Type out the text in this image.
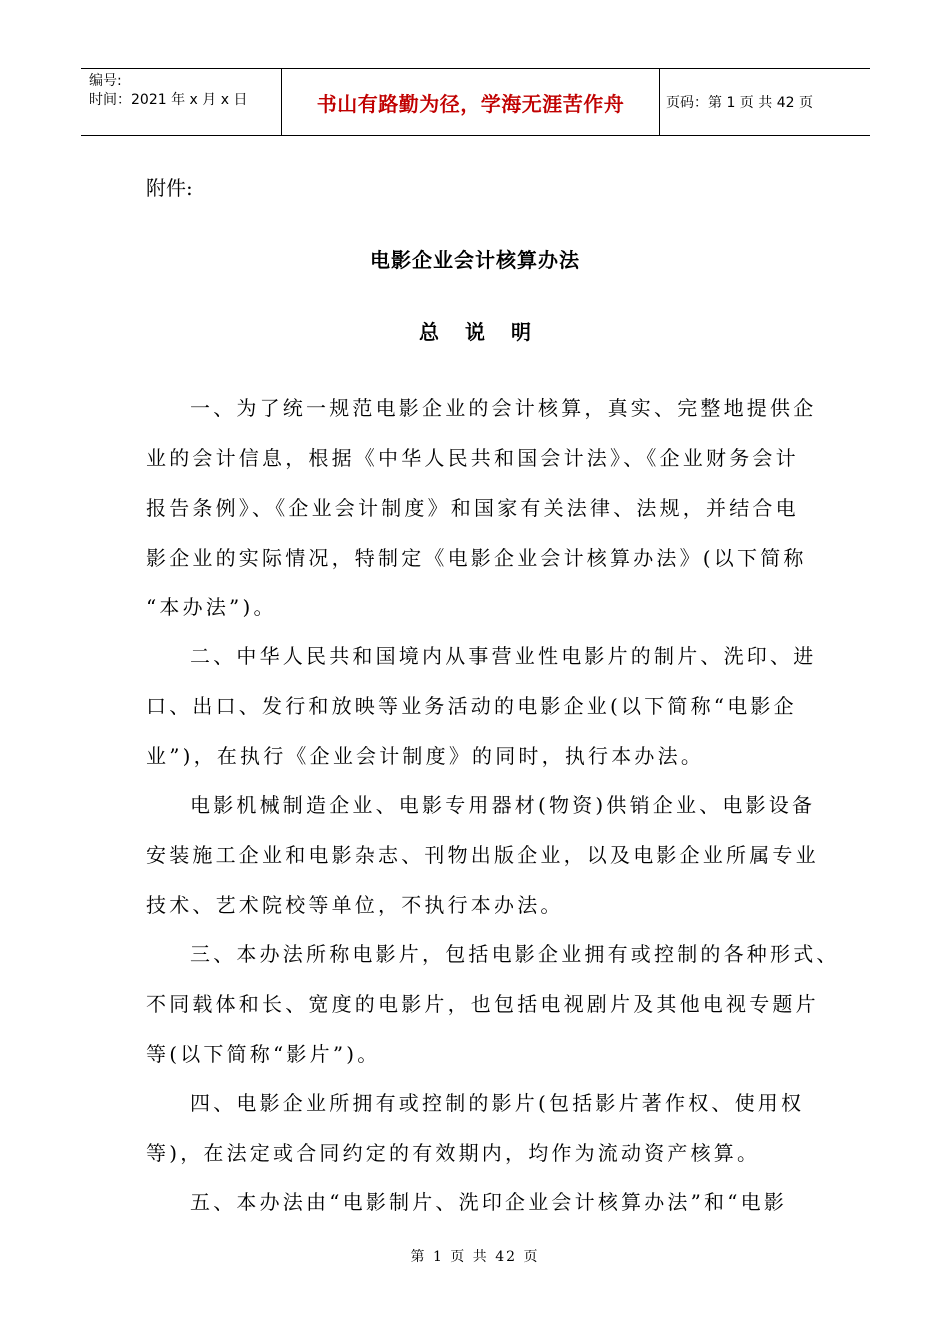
编号:
时间：2021 年 x 月 x 日	书山有路勤为径，学海无涯苦作舟	页码：第 1 页 共 42 页
附件:
电影企业会计核算办法
总说明
一、为了统一规范电影企业的会计核算，真实、完整地提供企
业的会计信息，根据《中华人民共和国会计法》、《企业财务会计
报告条例》、《企业会计制度》和国家有关法律、法规，并结合电
影企业的实际情况，特制定《电影企业会计核算办法》(以下简称
“本办法”)。
二、中华人民共和国境内从事营业性电影片的制片、洗印、进
口、出口、发行和放映等业务活动的电影企业(以下简称“电影企
业”)，在执行《企业会计制度》的同时，执行本办法。
电影机械制造企业、电影专用器材(物资)供销企业、电影设备
安装施工企业和电影杂志、刊物出版企业，以及电影企业所属专业
技术、艺术院校等单位，不执行本办法。
三、本办法所称电影片，包括电影企业拥有或控制的各种形式、
不同载体和长、宽度的电影片，也包括电视剧片及其他电视专题片
等(以下简称“影片”)。
四、电影企业所拥有或控制的影片(包括影片著作权、使用权
等)，在法定或合同约定的有效期内，均作为流动资产核算。
五、本办法由“电影制片、洗印企业会计核算办法”和“电影
第 1 页 共 42 页
